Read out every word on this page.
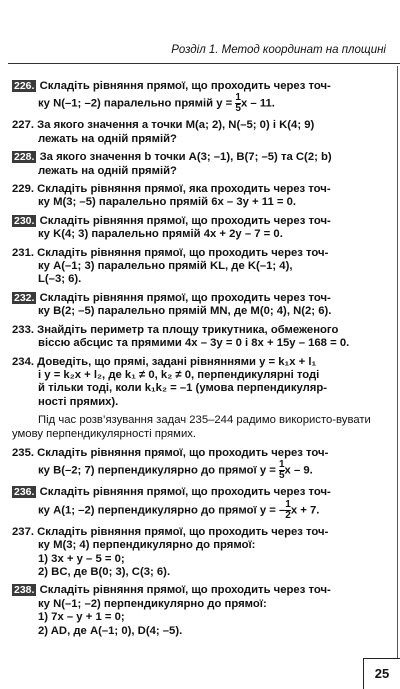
Розділ 1. Метод координат на площині
226. Складіть рівняння прямої, що проходить через точ-
ку N(–1; –2) паралельно прямій $y = \frac{1}{5}$ x – 11.
227. За якого значення a точки M(a; 2), N(–5; 0) і K(4; 9)
лежать на одній прямій?
228. За якого значення b точки A(3; –1), B(7; –5) та C(2; b)
лежать на одній прямій?
229. Складіть рівняння прямої, яка проходить через точ-
ку M(3; –5) паралельно прямій 6x – 3y + 11 = 0.
230. Складіть рівняння прямої, що проходить через точ-
ку K(4; 3) паралельно прямій 4x + 2y – 7 = 0.
231. Складіть рівняння прямої, що проходить через точ-
ку A(–1; 3) паралельно прямій KL, де K(–1; 4),
L(–3; 6).
232. Складіть рівняння прямої, що проходить через точ-
ку B(2; –5) паралельно прямій MN, де M(0; 4), N(2; 6).
233. Знайдіть периметр та площу трикутника, обмеженого
віссю абсцис та прямими 4x – 3y = 0 і 8x + 15y – 168 = 0.
234. Доведіть, що прямі, задані рівняннями y = k₁x + l₁
і y = k₂x + l₂, де k₁ ≠ 0, k₂ ≠ 0, перпендикулярні тоді
й тільки тоді, коли k₁k₂ = –1 (умова перпендикуляр-
ності прямих).
Під час розв’язування задач 235–244 радимо використо-вувати умову перпендикулярності прямих.
235. Складіть рівняння прямої, що проходить через точ-
ку B(–2; 7) перпендикулярно до прямої $y = \frac{1}{5}$ x – 9.
236. Складіть рівняння прямої, що проходить через точ-
ку A(1; –2) перпендикулярно до прямої y = – $\frac{1}{2}$ x + 7.
237. Складіть рівняння прямої, що проходить через точ-
ку M(3; 4) перпендикулярно до прямої:
1) 3x + y – 5 = 0;
2) BC, де B(0; 3), C(3; 6).
238. Складіть рівняння прямої, що проходить через точ-
ку N(–1; –2) перпендикулярно до прямої:
1) 7x – y + 1 = 0;
2) AD, де A(–1; 0), D(4; –5).
25
